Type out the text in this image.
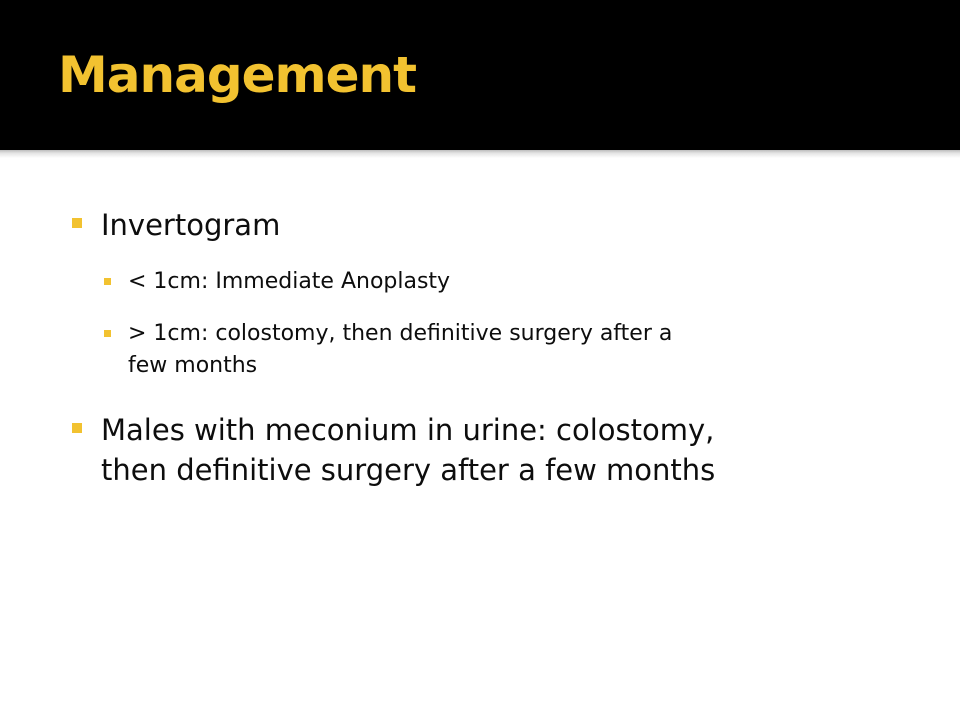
Management
Invertogram
< 1cm: Immediate Anoplasty
> 1cm: colostomy, then definitive surgery after a
few months
Males with meconium in urine: colostomy,
then definitive surgery after a few months
